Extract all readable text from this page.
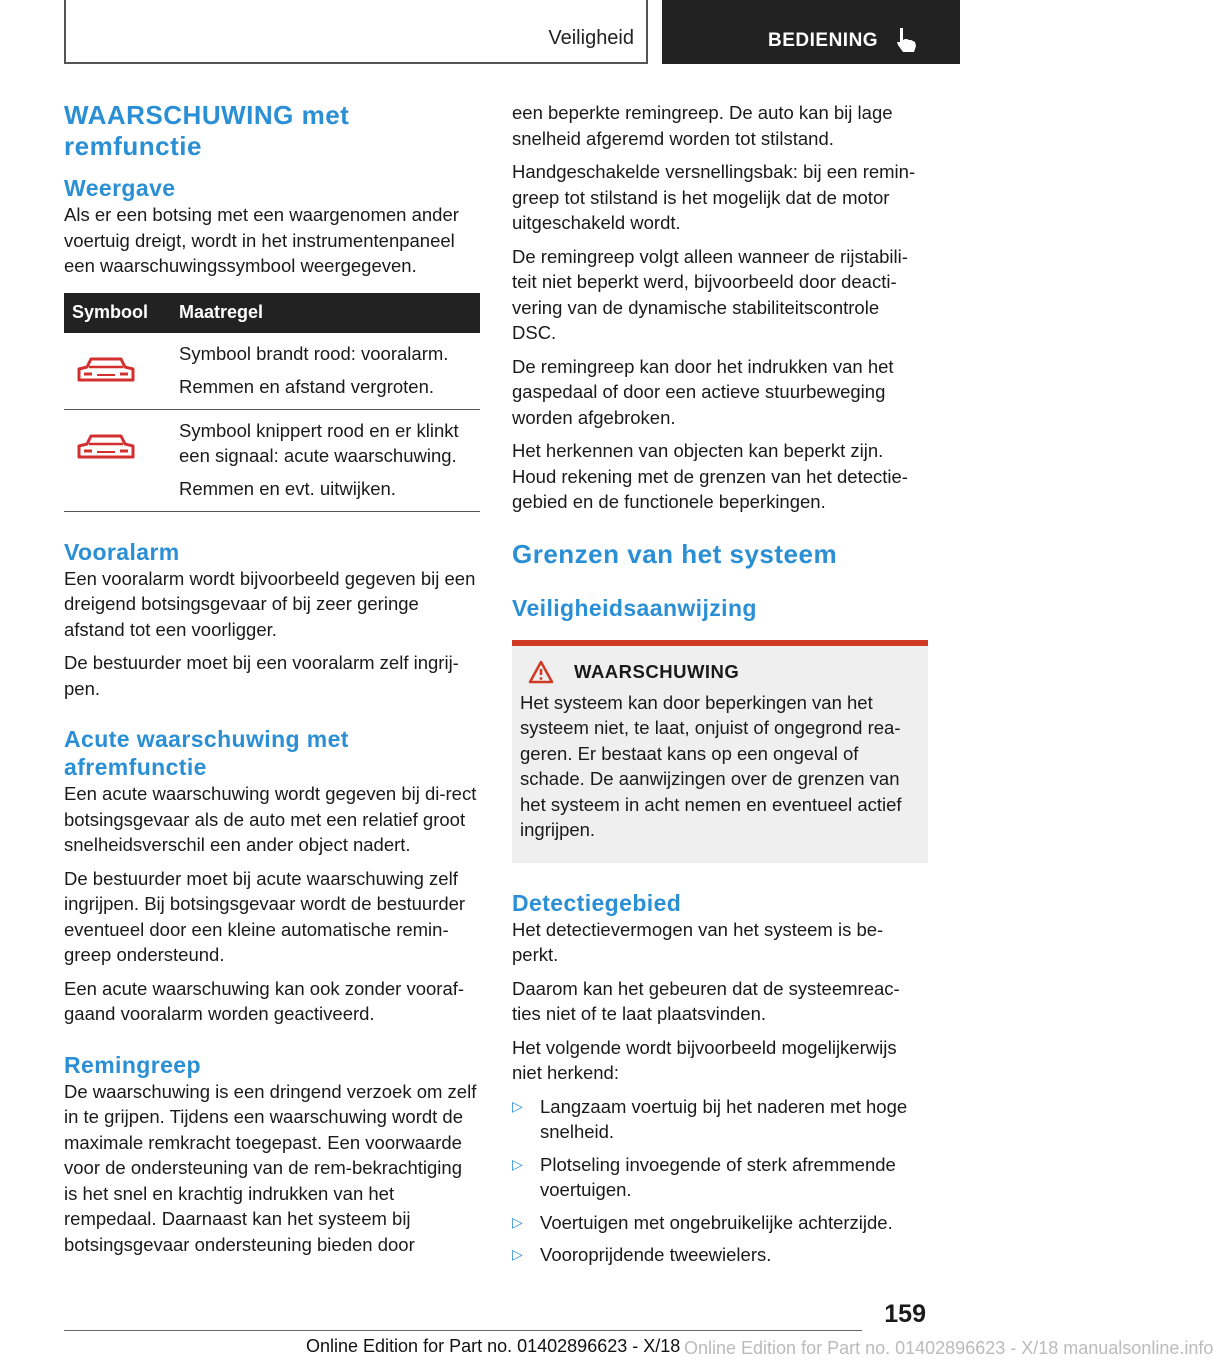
Veiligheid	BEDIENING
WAARSCHUWING met remfunctie
Weergave

Als er een botsing met een waargenomen ander voertuig dreigt, wordt in het instrumentenpaneel een waarschuwingssymbool weergegeven.

Symbool	Maatregel

Symbool brandt rood: vooralarm.
Remmen en afstand vergroten.

Symbool knippert rood en er klinkt een signaal: acute waarschuwing.
Remmen en evt. uitwijken.
Vooralarm

Een vooralarm wordt bijvoorbeeld gegeven bij een dreigend botsingsgevaar of bij zeer geringe afstand tot een voorligger.

De bestuurder moet bij een vooralarm zelf ingrij-pen.

Acute waarschuwing met afremfunctie

Een acute waarschuwing wordt gegeven bij di-rect botsingsgevaar als de auto met een relatief groot snelheidsverschil een ander object nadert.

De bestuurder moet bij acute waarschuwing zelf ingrijpen. Bij botsingsgevaar wordt de bestuurder eventueel door een kleine automatische remin-greep ondersteund.

Een acute waarschuwing kan ook zonder vooraf-gaand vooralarm worden geactiveerd.

Remingreep

De waarschuwing is een dringend verzoek om zelf in te grijpen. Tijdens een waarschuwing wordt de maximale remkracht toegepast. Een voorwaarde voor de ondersteuning van de rem-bekrachtiging is het snel en krachtig indrukken van het rempedaal. Daarnaast kan het systeem bij botsingsgevaar ondersteuning bieden door

een beperkte remingreep. De auto kan bij lage snelheid afgeremd worden tot stilstand.

Handgeschakelde versnellingsbak: bij een remin-greep tot stilstand is het mogelijk dat de motor uitgeschakeld wordt.

De remingreep volgt alleen wanneer de rijstabili-teit niet beperkt werd, bijvoorbeeld door deacti-vering van de dynamische stabiliteitscontrole DSC.

De remingreep kan door het indrukken van het gaspedaal of door een actieve stuurbeweging worden afgebroken.

Het herkennen van objecten kan beperkt zijn. Houd rekening met de grenzen van het detectie-gebied en de functionele beperkingen.

Grenzen van het systeem
Veiligheidsaanwijzing
WAARSCHUWING

Het systeem kan door beperkingen van het systeem niet, te laat, onjuist of ongegrond rea-geren. Er bestaat kans op een ongeval of schade. De aanwijzingen over de grenzen van het systeem in acht nemen en eventueel actief ingrijpen.

Detectiegebied

Het detectievermogen van het systeem is be-perkt.

Daarom kan het gebeuren dat de systeemreac-ties niet of te laat plaatsvinden.

Het volgende wordt bijvoorbeeld mogelijkerwijs niet herkend:

▷ Langzaam voertuig bij het naderen met hoge snelheid.
▷ Plotseling invoegende of sterk afremmende voertuigen.
▷ Voertuigen met ongebruikelijke achterzijde.
▷ Vooroprijdende tweewielers.
159
Online Edition for Part no. 01402896623 - X/18 manualsonline.info
Online Edition for Part no. 01402896623 - X/18
